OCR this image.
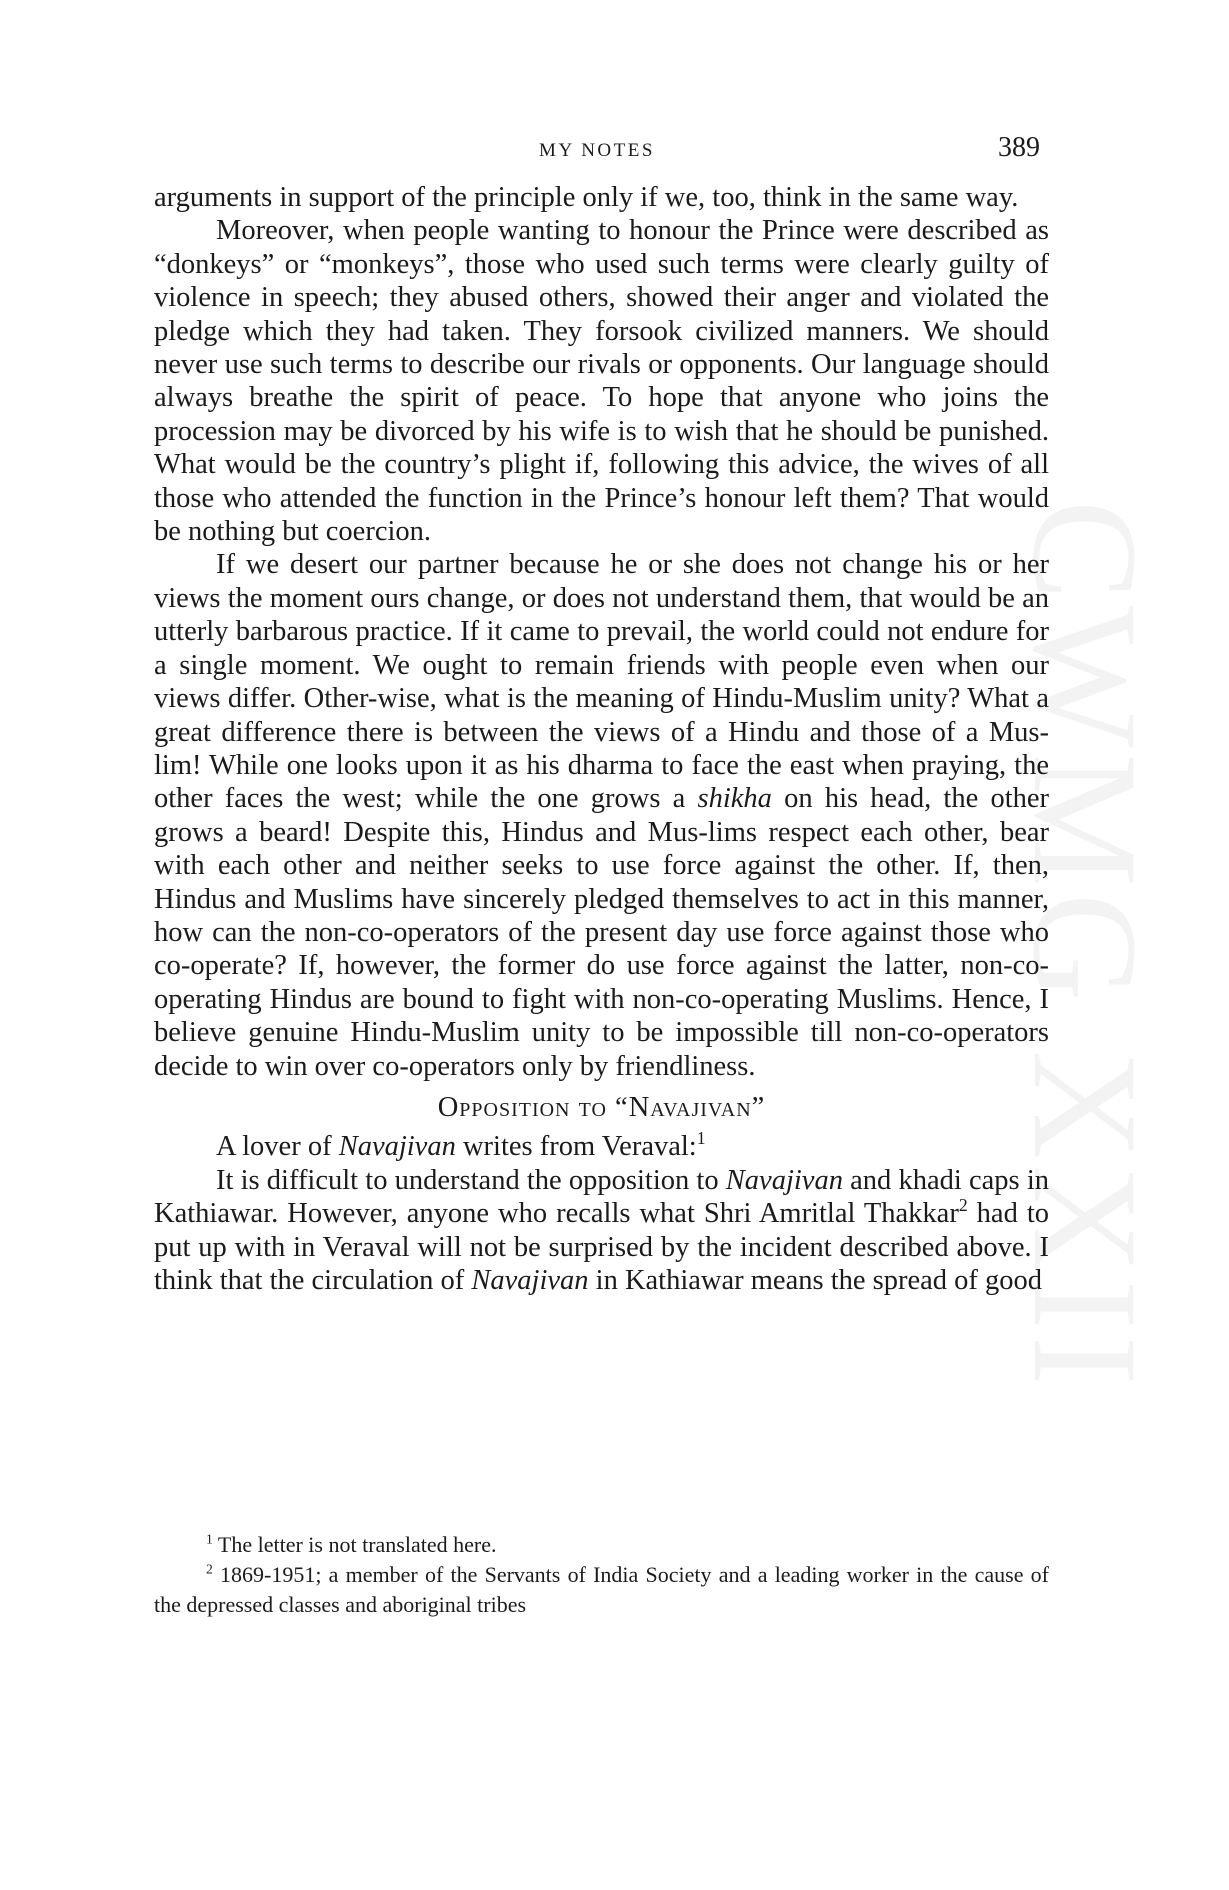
MY NOTES	389

arguments in support of the principle only if we, too, think in the same way.

Moreover, when people wanting to honour the Prince were described as “donkeys” or “monkeys”, those who used such terms were clearly guilty of violence in speech; they abused others, showed their anger and violated the pledge which they had taken. They forsook civilized manners. We should never use such terms to describe our rivals or opponents. Our language should always breathe the spirit of peace. To hope that anyone who joins the procession may be divorced by his wife is to wish that he should be punished. What would be the country’s plight if, following this advice, the wives of all those who attended the function in the Prince’s honour left them? That would be nothing but coercion.

If we desert our partner because he or she does not change his or her views the moment ours change, or does not understand them, that would be an utterly barbarous practice. If it came to prevail, the world could not endure for a single moment. We ought to remain friends with people even when our views differ. Other-wise, what is the meaning of Hindu-Muslim unity? What a great difference there is between the views of a Hindu and those of a Mus-lim! While one looks upon it as his dharma to face the east when praying, the other faces the west; while the one grows a shikha on his head, the other grows a beard! Despite this, Hindus and Mus-lims respect each other, bear with each other and neither seeks to use force against the other. If, then, Hindus and Muslims have sincerely pledged themselves to act in this manner, how can the non-co-operators of the present day use force against those who co-operate? If, however, the former do use force against the latter, non-co-operating Hindus are bound to fight with non-co-operating Muslims. Hence, I believe genuine Hindu-Muslim unity to be impossible till non-co-operators decide to win over co-operators only by friendliness.

Opposition to “Navajivan”

A lover of Navajivan writes from Veraval:$^1$

It is difficult to understand the opposition to Navajivan and khadi caps in Kathiawar. However, anyone who recalls what Shri Amritlal Thakkar$^2$ had to put up with in Veraval will not be surprised by the incident described above. I think that the circulation of Navajivan in Kathiawar means the spread of good

$^1$ The letter is not translated here.

$^2$ 1869-1951; a member of the Servants of India Society and a leading worker in the cause of the depressed classes and aboriginal tribes
